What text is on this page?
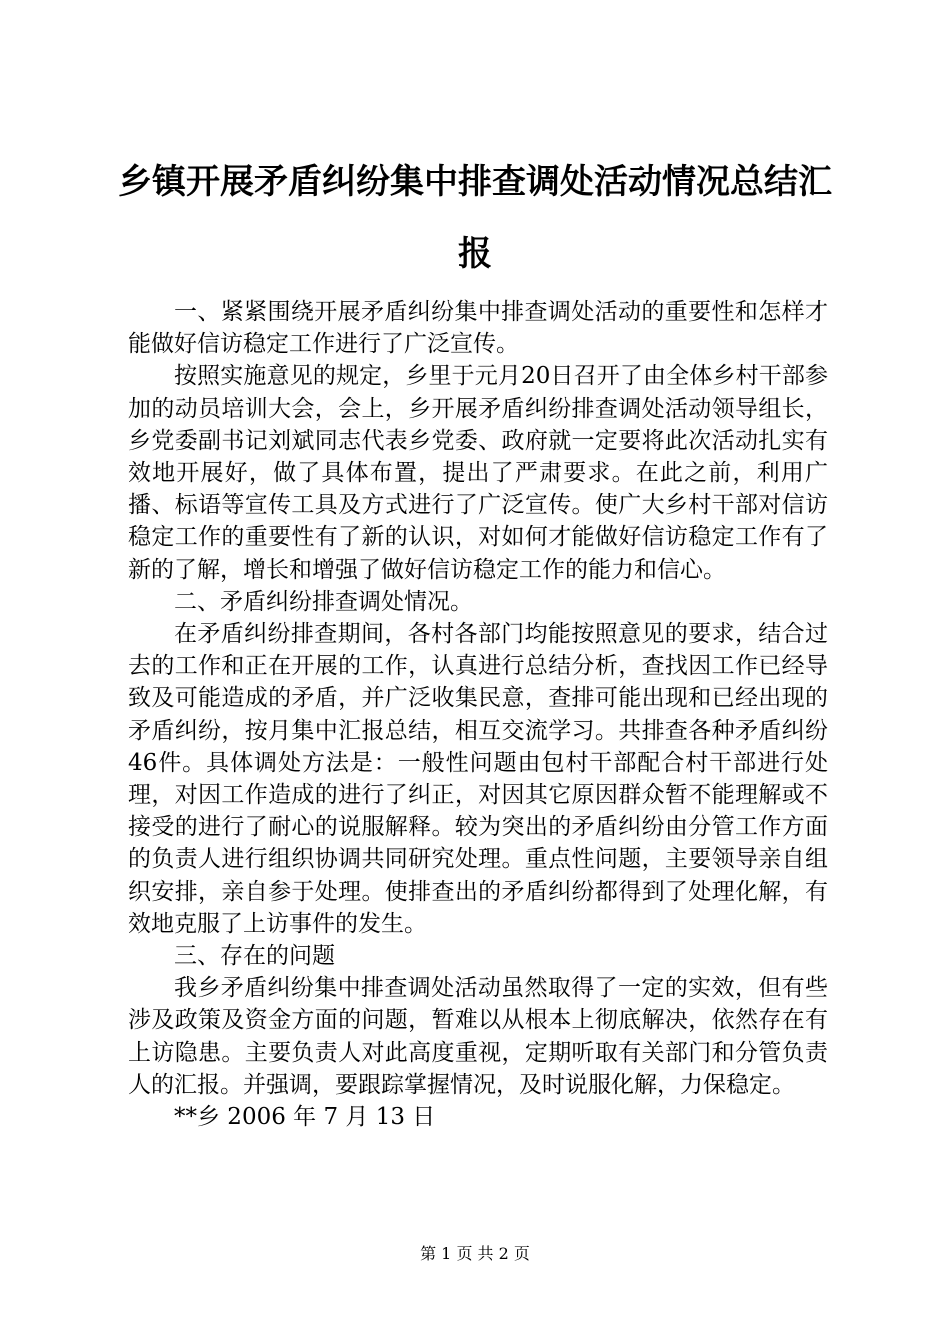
乡镇开展矛盾纠纷集中排查调处活动情况总结汇报

一、紧紧围绕开展矛盾纠纷集中排查调处活动的重要性和怎样才能做好信访稳定工作进行了广泛宣传。

按照实施意见的规定，乡里于元月20日召开了由全体乡村干部参加的动员培训大会，会上，乡开展矛盾纠纷排查调处活动领导组长，乡党委副书记刘斌同志代表乡党委、政府就一定要将此次活动扎实有效地开展好，做了具体布置，提出了严肃要求。在此之前，利用广播、标语等宣传工具及方式进行了广泛宣传。使广大乡村干部对信访稳定工作的重要性有了新的认识，对如何才能做好信访稳定工作有了新的了解，增长和增强了做好信访稳定工作的能力和信心。

二、矛盾纠纷排查调处情况。

在矛盾纠纷排查期间，各村各部门均能按照意见的要求，结合过去的工作和正在开展的工作，认真进行总结分析，查找因工作已经导致及可能造成的矛盾，并广泛收集民意，查排可能出现和已经出现的矛盾纠纷，按月集中汇报总结，相互交流学习。共排查各种矛盾纠纷46件。具体调处方法是：一般性问题由包村干部配合村干部进行处理，对因工作造成的进行了纠正，对因其它原因群众暂不能理解或不接受的进行了耐心的说服解释。较为突出的矛盾纠纷由分管工作方面的负责人进行组织协调共同研究处理。重点性问题，主要领导亲自组织安排，亲自参于处理。使排查出的矛盾纠纷都得到了处理化解，有效地克服了上访事件的发生。

三、存在的问题

我乡矛盾纠纷集中排查调处活动虽然取得了一定的实效，但有些涉及政策及资金方面的问题，暂难以从根本上彻底解决，依然存在有上访隐患。主要负责人对此高度重视，定期听取有关部门和分管负责人的汇报。并强调，要跟踪掌握情况，及时说服化解，力保稳定。

**乡 2006 年 7 月 13 日
第 1 页 共 2 页
